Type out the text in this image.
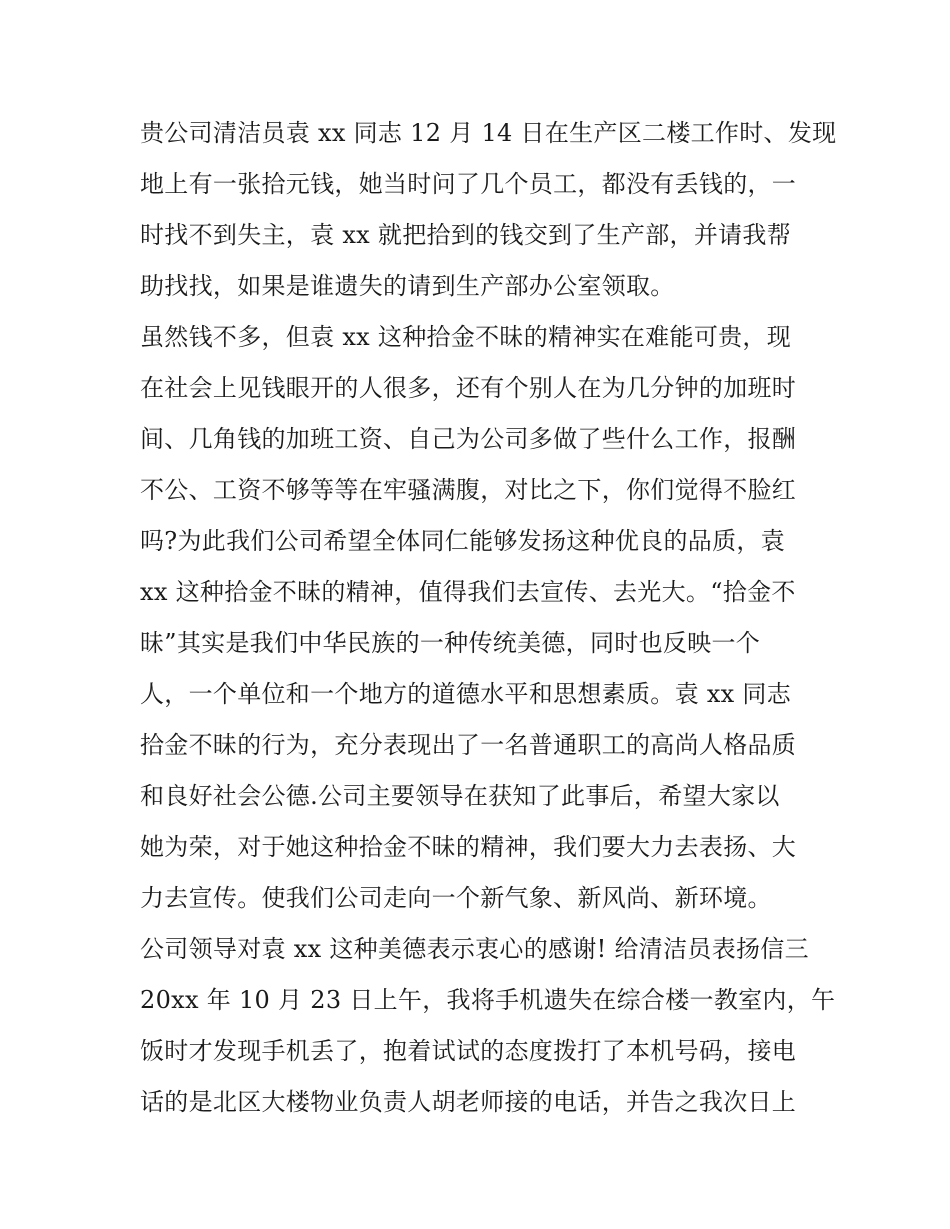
贵公司清洁员袁 xx 同志 12 月 14 日在生产区二楼工作时、发现
地上有一张拾元钱，她当时问了几个员工，都没有丢钱的，一
时找不到失主，袁 xx 就把拾到的钱交到了生产部，并请我帮
助找找，如果是谁遗失的请到生产部办公室领取。
虽然钱不多，但袁 xx 这种拾金不昧的精神实在难能可贵，现
在社会上见钱眼开的人很多，还有个别人在为几分钟的加班时
间、几角钱的加班工资、自己为公司多做了些什么工作，报酬
不公、工资不够等等在牢骚满腹，对比之下，你们觉得不脸红
吗?为此我们公司希望全体同仁能够发扬这种优良的品质，袁
xx 这种拾金不昧的精神，值得我们去宣传、去光大。“拾金不
昧”其实是我们中华民族的一种传统美德，同时也反映一个
人，一个单位和一个地方的道德水平和思想素质。袁 xx 同志
拾金不昧的行为，充分表现出了一名普通职工的高尚人格品质
和良好社会公德.公司主要领导在获知了此事后，希望大家以
她为荣，对于她这种拾金不昧的精神，我们要大力去表扬、大
力去宣传。使我们公司走向一个新气象、新风尚、新环境。
公司领导对袁 xx 这种美德表示衷心的感谢! 给清洁员表扬信三
20xx 年 10 月 23 日上午，我将手机遗失在综合楼一教室内，午
饭时才发现手机丢了，抱着试试的态度拨打了本机号码，接电
话的是北区大楼物业负责人胡老师接的电话，并告之我次日上
